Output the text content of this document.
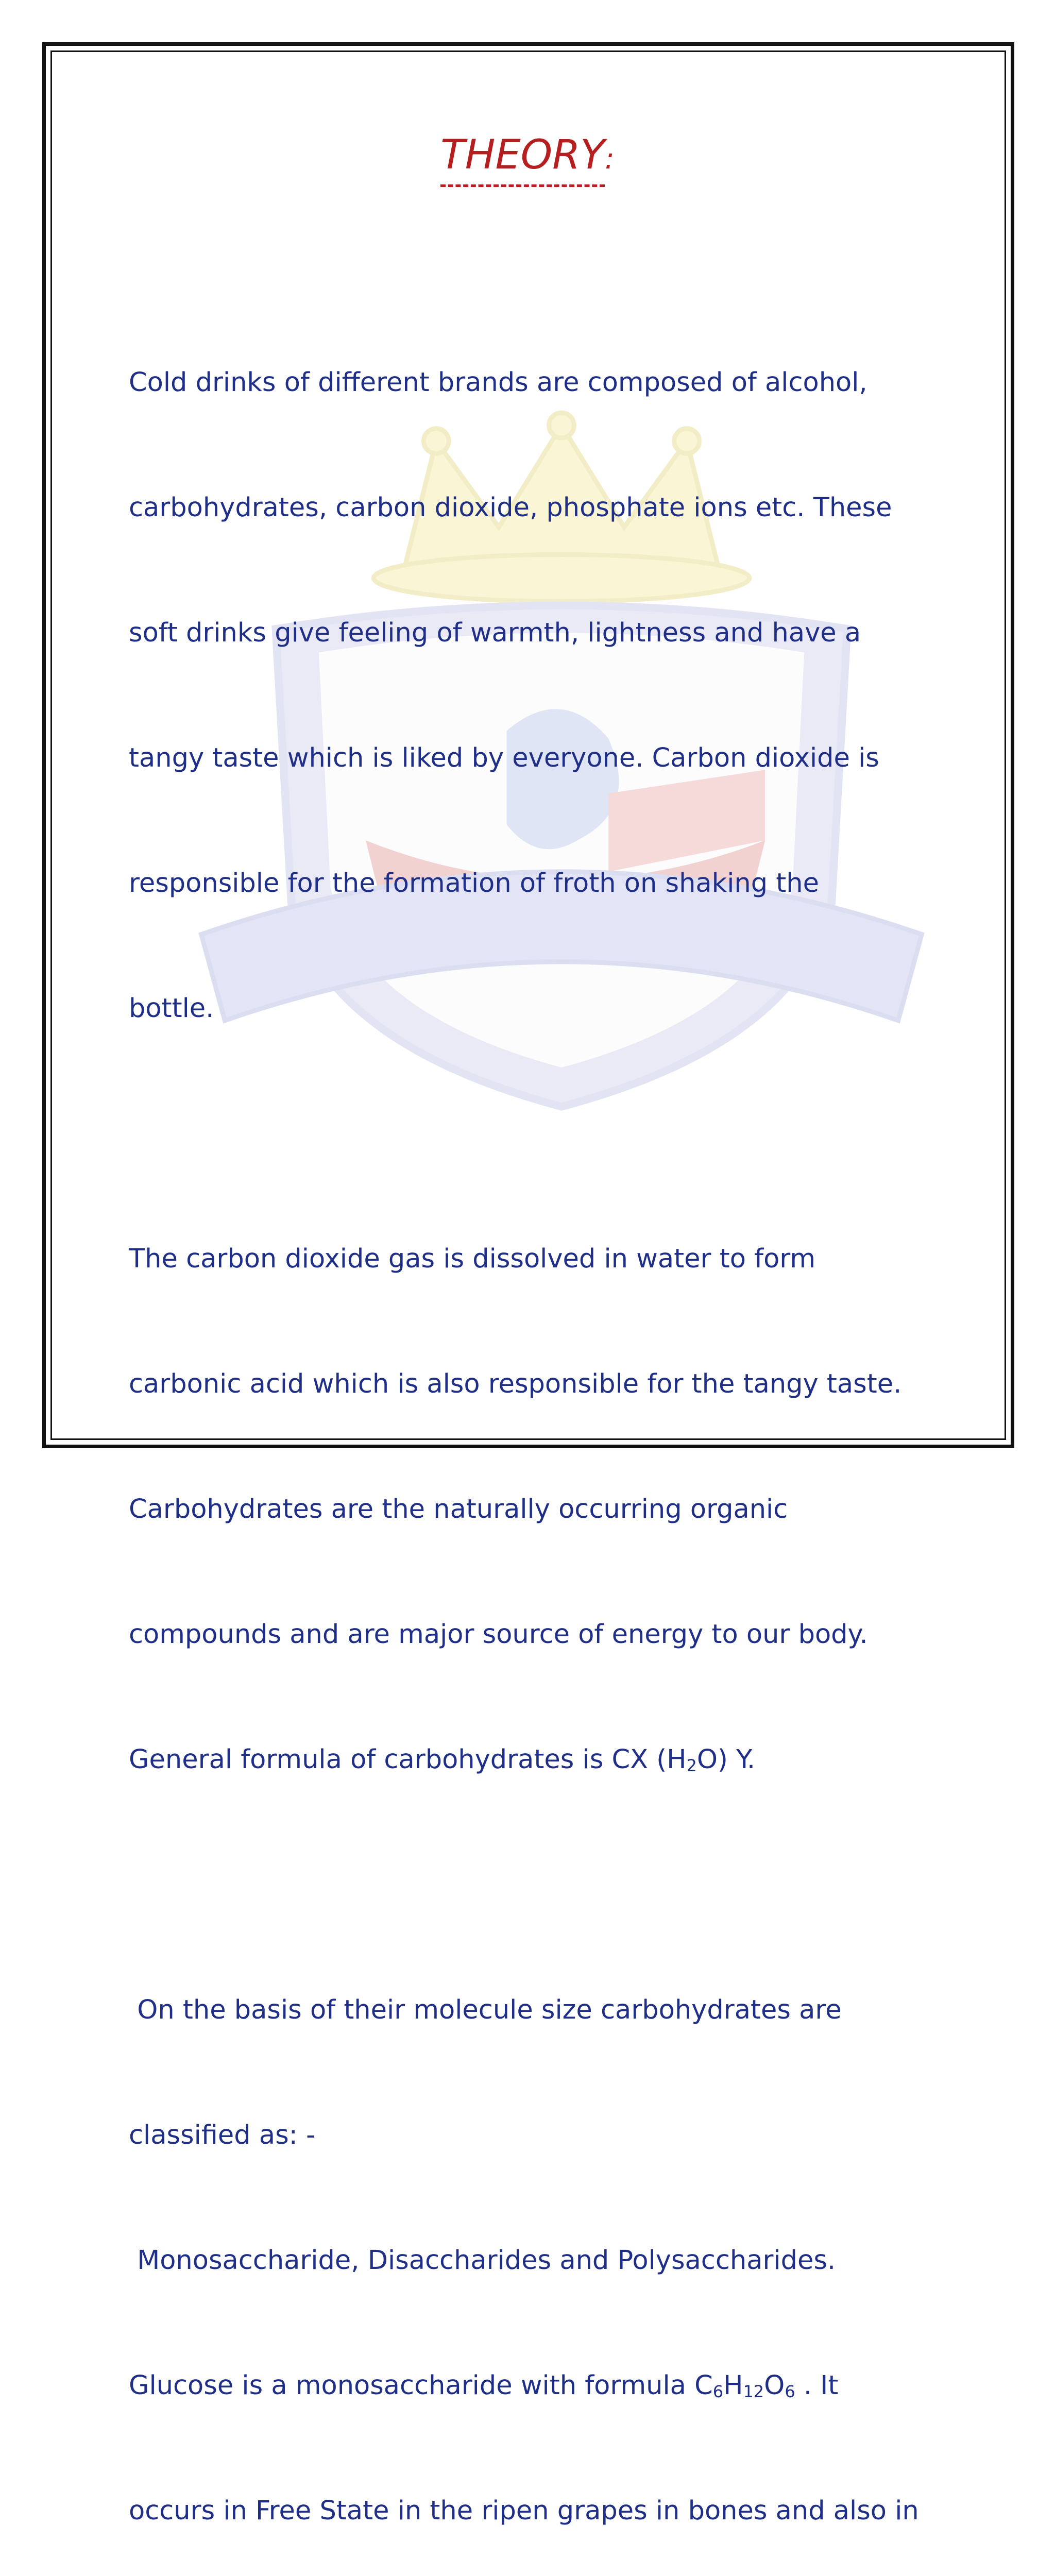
THEORY:

Cold drinks of different brands are composed of alcohol,

carbohydrates, carbon dioxide, phosphate ions etc. These

soft drinks give feeling of warmth, lightness and have a

tangy taste which is liked by everyone. Carbon dioxide is

responsible for the formation of froth on shaking the

bottle.

The carbon dioxide gas is dissolved in water to form

carbonic acid which is also responsible for the tangy taste.

Carbohydrates are the naturally occurring organic

compounds and are major source of energy to our body.

General formula of carbohydrates is CX $(H_2O)$ Y.

On the basis of their molecule size carbohydrates are

classified as: -

Monosaccharide, Disaccharides and Polysaccharides.

Glucose is a monosaccharide with formula $C_6H_{12}O_6$ . It

occurs in Free State in the ripen grapes in bones and also in
